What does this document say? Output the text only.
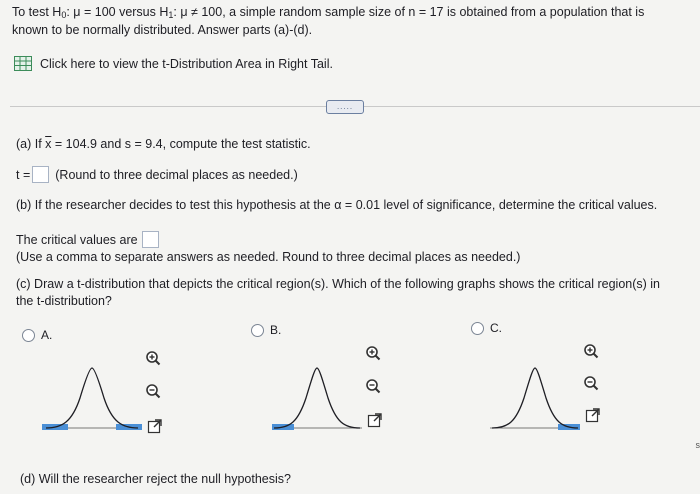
To test $H_0$: μ = 100 versus $H_1$: μ ≠ 100, a simple random sample size of n = 17 is obtained from a population that is
known to be normally distributed. Answer parts (a)-(d).
Click here to view the t-Distribution Area in Right Tail.
.....
(a) If $\overline{x} = 104.9$ and s = 9.4, compute the test statistic.
t = (Round to three decimal places as needed.)
(b) If the researcher decides to test this hypothesis at the α = 0.01 level of significance, determine the critical values.
The critical values are
(Use a comma to separate answers as needed. Round to three decimal places as needed.)
(c) Draw a t-distribution that depicts the critical region(s). Which of the following graphs shows the critical region(s) in
the t-distribution?
A.	B.	C.
(d) Will the researcher reject the null hypothesis?
s
